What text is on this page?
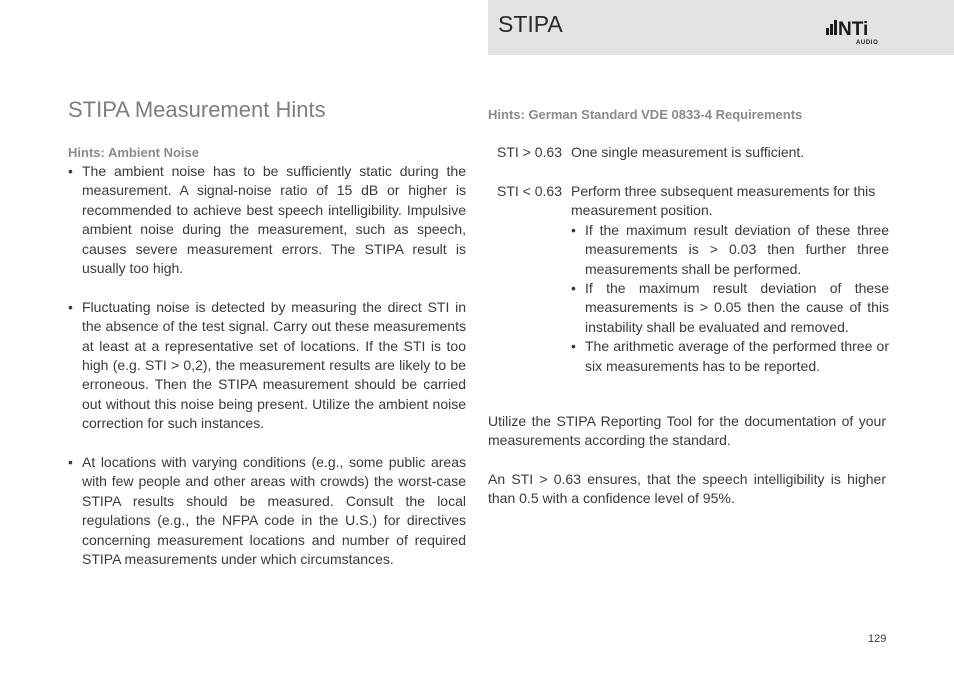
STIPA	NTi
AUDIO
STIPA Measurement Hints
Hints: Ambient Noise
• The ambient noise has to be sufficiently static during the measurement. A signal-noise ratio of 15 dB or higher is recommended to achieve best speech intelligibility. Impulsive ambient noise during the measurement, such as speech, causes severe measurement errors. The STIPA result is usually too high.
• Fluctuating noise is detected by measuring the direct STI in the absence of the test signal. Carry out these measurements at least at a representative set of locations. If the STI is too high (e.g. STI > 0,2), the measurement results are likely to be erroneous. Then the STIPA measurement should be carried out without this noise being present. Utilize the ambient noise correction for such instances.
• At locations with varying conditions (e.g., some public areas with few people and other areas with crowds) the worst-case STIPA results should be measured. Consult the local regulations (e.g., the NFPA code in the U.S.) for directives concerning measurement locations and number of required STIPA measurements under which circumstances.
Hints: German Standard VDE 0833-4 Requirements
STI > 0.63 One single measurement is sufficient.
STI < 0.63 Perform three subsequent measurements for this measurement position.
• If the maximum result deviation of these three measurements is > 0.03 then further three measurements shall be performed.
• If the maximum result deviation of these measurements is > 0.05 then the cause of this instability shall be evaluated and removed.
• The arithmetic average of the performed three or six measurements has to be reported.

Utilize the STIPA Reporting Tool for the documentation of your measurements according the standard.

An STI > 0.63 ensures, that the speech intelligibility is higher than 0.5 with a confidence level of 95%.

129
